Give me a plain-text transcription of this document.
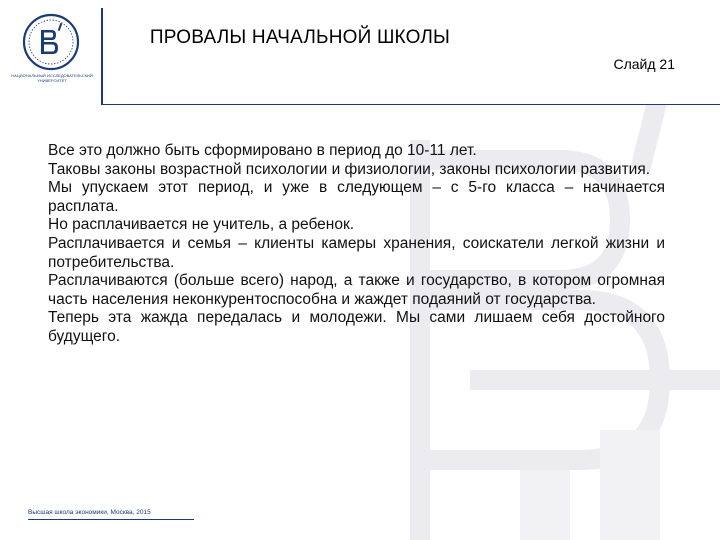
НАЦИОНАЛЬНЫЙ ИССЛЕДОВАТЕЛЬСКИЙ
УНИВЕРСИТЕТ
ПРОВАЛЫ НАЧАЛЬНОЙ ШКОЛЫ
Слайд 21

Все это должно быть сформировано в период до 10-11 лет.

Таковы законы возрастной психологии и физиологии, законы психологии развития.

Мы упускаем этот период, и уже в следующем – с 5-го класса – начинается расплата.

Но расплачивается не учитель, а ребенок.

Расплачивается и семья – клиенты камеры хранения, соискатели легкой жизни и потребительства.

Расплачиваются (больше всего) народ, а также и государство, в котором огромная часть населения неконкурентоспособна и жаждет подаяний от государства.

Теперь эта жажда передалась и молодежи. Мы сами лишаем себя достойного будущего.

Высшая школа экономики, Москва, 2015
